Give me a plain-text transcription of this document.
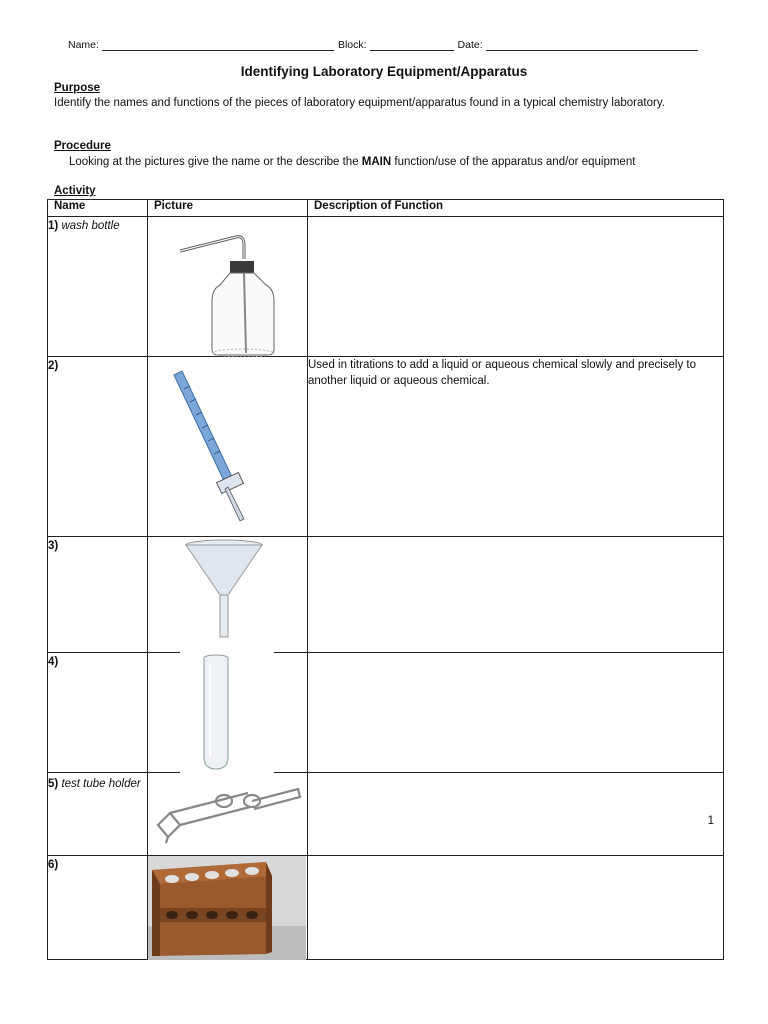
Name:	Block:	Date:
Identifying Laboratory Equipment/Apparatus
Purpose
Identify the names and functions of the pieces of laboratory equipment/apparatus found in a typical chemistry laboratory.
Procedure
Looking at the pictures give the name or the describe the MAIN function/use of the apparatus and/or equipment
Activity
Name	Picture	Description of Function
1) wash bottle	

2)		Used in titrations to add a liquid or aqueous chemical slowly and precisely to another liquid or aqueous chemical.
3)	

4)	

5) test tube holder	

6)	

1
